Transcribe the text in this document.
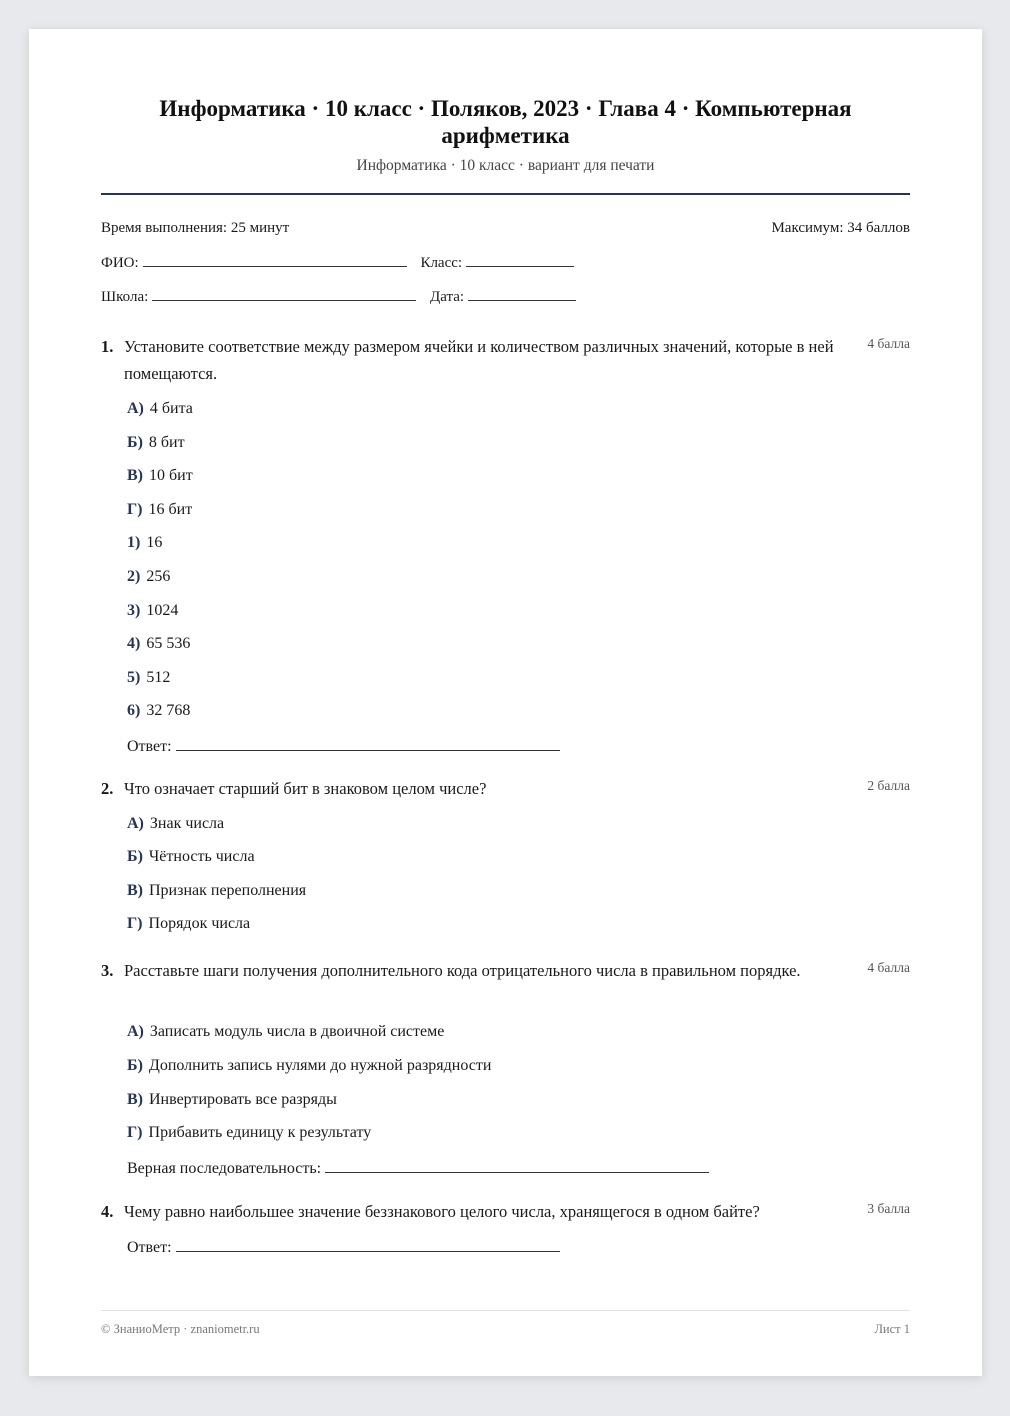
Информатика · 10 класс · Поляков, 2023 · Глава 4 · Компьютерная арифметика
Информатика · 10 класс · вариант для печати
Время выполнения: 25 минут	Максимум: 34 баллов
ФИО:	Класс:
Школа:	Дата:
1. Установите соответствие между размером ячейки и количеством различных значений, которые в ней помещаются.
4 балла
А) 4 бита
Б) 8 бит
В) 10 бит
Г) 16 бит
1) 16
2) 256
3) 1024
4) 65 536
5) 512
6) 32 768
Ответ:
2. Что означает старший бит в знаковом целом числе?	2 балла
А) Знак числа
Б) Чётность числа
В) Признак переполнения
Г) Порядок числа
3. Расставьте шаги получения дополнительного кода отрицательного числа в правильном порядке.	4 балла
А) Записать модуль числа в двоичной системе
Б) Дополнить запись нулями до нужной разрядности
В) Инвертировать все разряды
Г) Прибавить единицу к результату
Верная последовательность:
4. Чему равно наибольшее значение беззнакового целого числа, хранящегося в одном байте?	3 балла
Ответ:
© ЗнаниоМетр · znaniometr.ru	Лист 1
